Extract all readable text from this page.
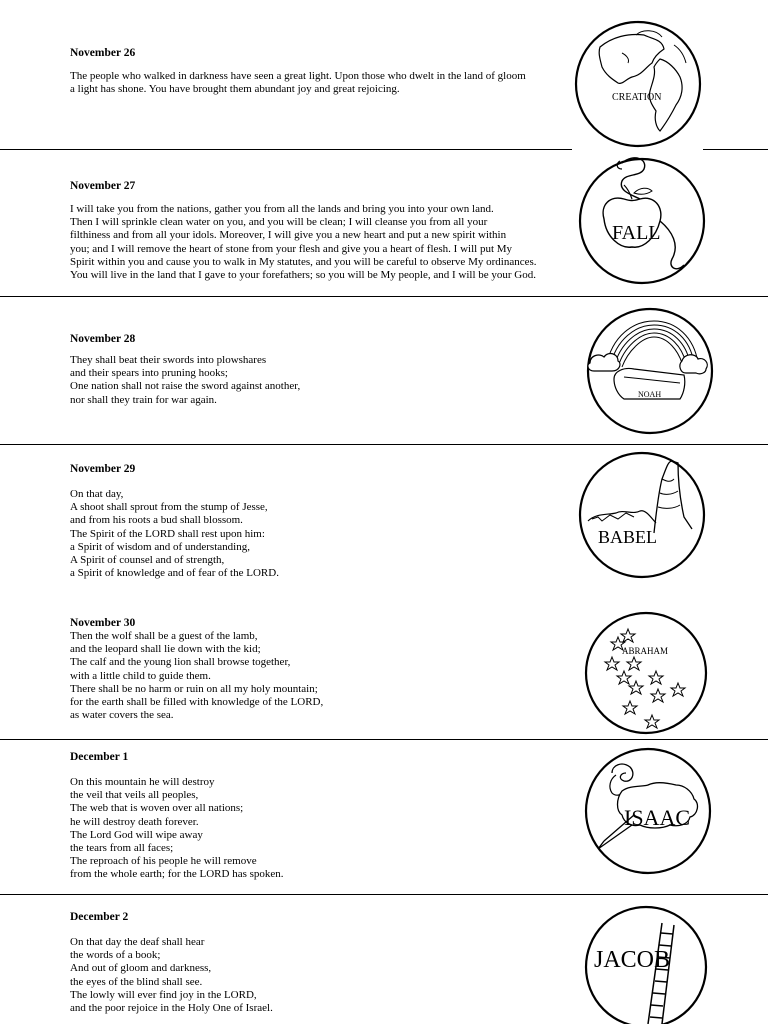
November 26

The people who walked in darkness have seen a great light. Upon those who dwelt in the land of gloom
a light has shone. You have brought them abundant joy and great rejoicing.

November 27

I will take you from the nations, gather you from all the lands and bring you into your own land.
Then I will sprinkle clean water on you, and you will be clean; I will cleanse you from all your
filthiness and from all your idols. Moreover, I will give you a new heart and put a new spirit within
you; and I will remove the heart of stone from your flesh and give you a heart of flesh. I will put My
Spirit within you and cause you to walk in My statutes, and you will be careful to observe My ordinances.
You will live in the land that I gave to your forefathers; so you will be My people, and I will be your God.

November 28

They shall beat their swords into plowshares
and their spears into pruning hooks;
One nation shall not raise the sword against another,
nor shall they train for war again.

November 29

On that day,
A shoot shall sprout from the stump of Jesse,
and from his roots a bud shall blossom.
The Spirit of the LORD shall rest upon him:
a Spirit of wisdom and of understanding,
A Spirit of counsel and of strength,
a Spirit of knowledge and of fear of the LORD.

November 30

Then the wolf shall be a guest of the lamb,
and the leopard shall lie down with the kid;
The calf and the young lion shall browse together,
with a little child to guide them.
There shall be no harm or ruin on all my holy mountain;
for the earth shall be filled with knowledge of the LORD,
as water covers the sea.

December 1

On this mountain he will destroy
the veil that veils all peoples,
The web that is woven over all nations;
he will destroy death forever.
The Lord God will wipe away
the tears from all faces;
The reproach of his people he will remove
from the whole earth; for the LORD has spoken.

December 2

On that day the deaf shall hear
the words of a book;
And out of gloom and darkness,
the eyes of the blind shall see.
The lowly will ever find joy in the LORD,
and the poor rejoice in the Holy One of Israel.

CREATION
FALL
NOAH
BABEL
ABRAHAM
ISAAC
JACOB
